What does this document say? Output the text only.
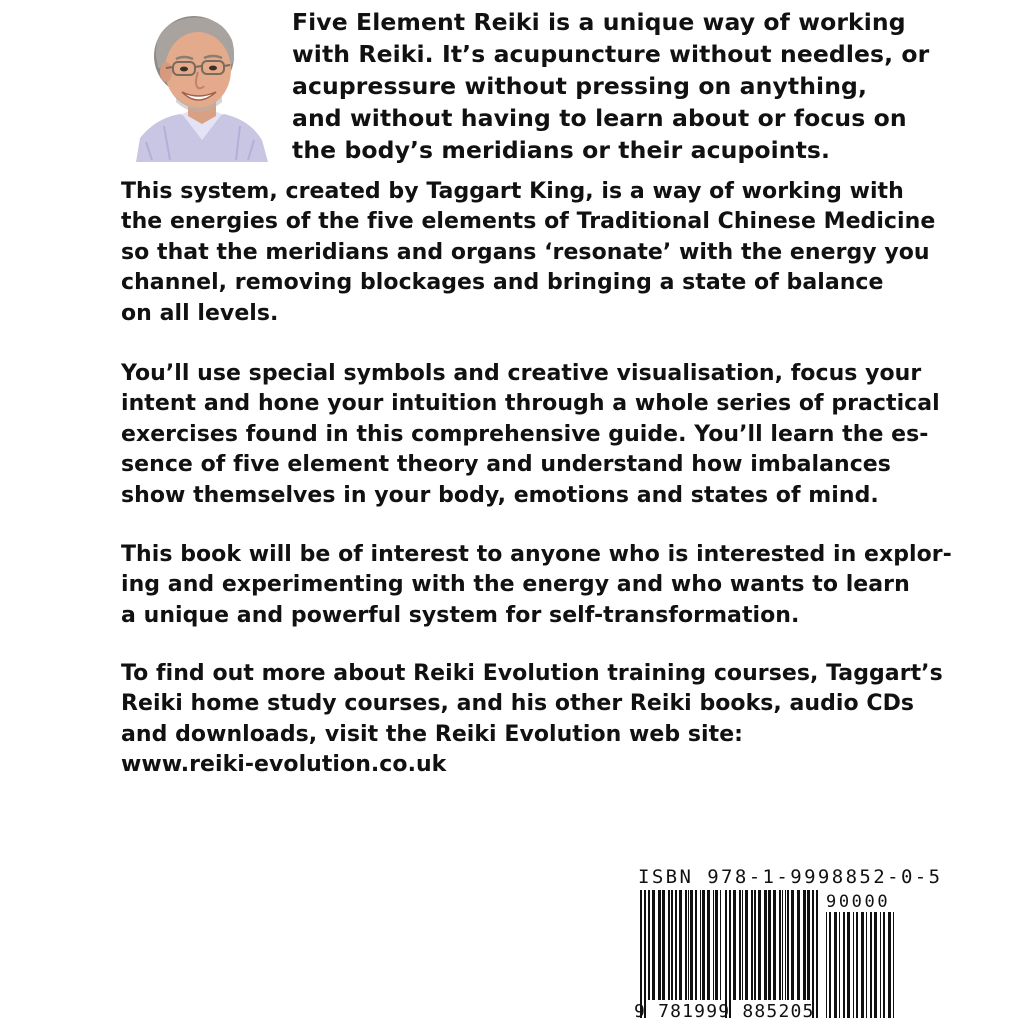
Five Element Reiki is a unique way of working
with Reiki. It’s acupuncture without needles, or
acupressure without pressing on anything,
and without having to learn about or focus on
the body’s meridians or their acupoints.
This system, created by Taggart King, is a way of working with
the energies of the five elements of Traditional Chinese Medicine
so that the meridians and organs ‘resonate’ with the energy you
channel, removing blockages and bringing a state of balance
on all levels.
You’ll use special symbols and creative visualisation, focus your
intent and hone your intuition through a whole series of practical
exercises found in this comprehensive guide. You’ll learn the es-
sence of five element theory and understand how imbalances
show themselves in your body, emotions and states of mind.
This book will be of interest to anyone who is interested in explor-
ing and experimenting with the energy and who wants to learn
a unique and powerful system for self-transformation.
To find out more about Reiki Evolution training courses, Taggart’s
Reiki home study courses, and his other Reiki books, audio CDs
and downloads, visit the Reiki Evolution web site:
www.reiki-evolution.co.uk
ISBN 978-1-9998852-0-5
90000
9 781999 885205
